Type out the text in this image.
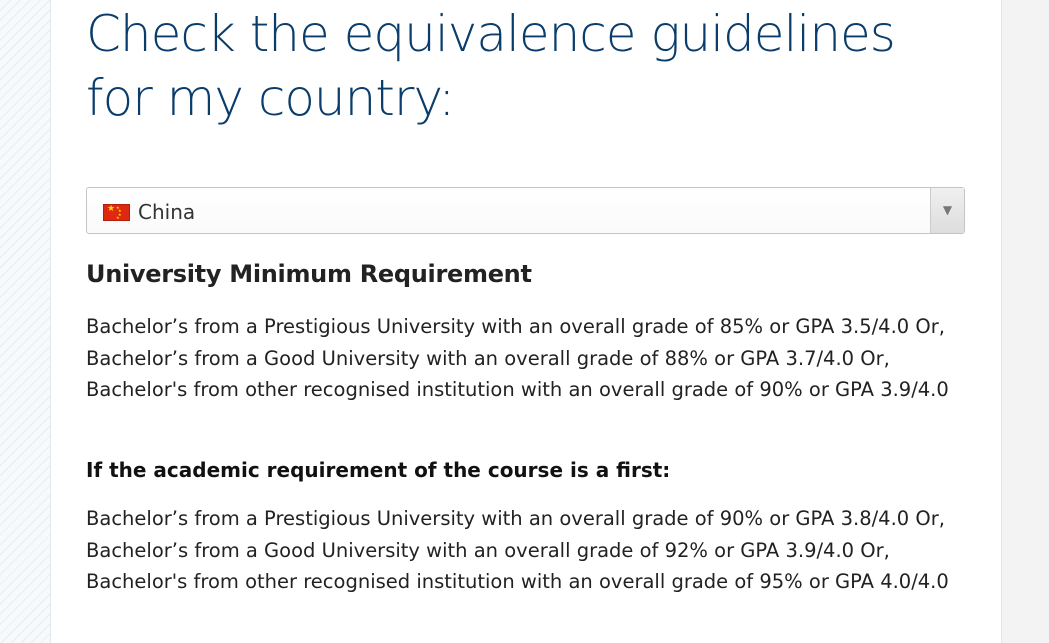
Check the equivalence guidelines for my country:
★ ★
★
★
★ China	▼
University Minimum Requirement

Bachelor’s from a Prestigious University with an overall grade of 85% or GPA 3.5/4.0 Or, Bachelor’s from a Good University with an overall grade of 88% or GPA 3.7/4.0 Or, Bachelor's from other recognised institution with an overall grade of 90% or GPA 3.9/4.0

If the academic requirement of the course is a first:

Bachelor’s from a Prestigious University with an overall grade of 90% or GPA 3.8/4.0 Or, Bachelor’s from a Good University with an overall grade of 92% or GPA 3.9/4.0 Or, Bachelor's from other recognised institution with an overall grade of 95% or GPA 4.0/4.0
